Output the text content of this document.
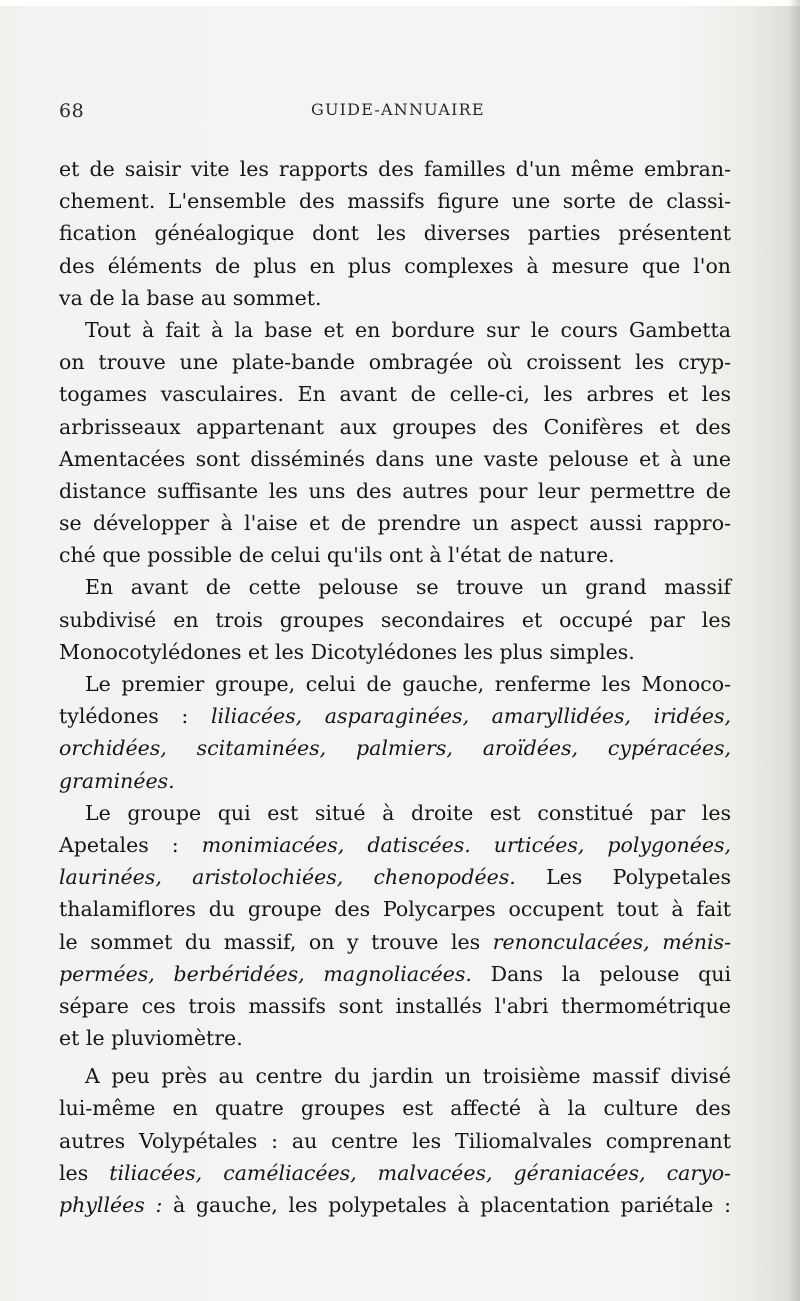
68	GUIDE-ANNUAIRE
et de saisir vite les rapports des familles d'un même embran-
chement. L'ensemble des massifs figure une sorte de classi-
fication généalogique dont les diverses parties présentent
des éléments de plus en plus complexes à mesure que l'on
va de la base au sommet.
Tout à fait à la base et en bordure sur le cours Gambetta
on trouve une plate-bande ombragée où croissent les cryp-
togames vasculaires. En avant de celle-ci, les arbres et les
arbrisseaux appartenant aux groupes des Conifères et des
Amentacées sont disséminés dans une vaste pelouse et à une
distance suffisante les uns des autres pour leur permettre de
se développer à l'aise et de prendre un aspect aussi rappro-
ché que possible de celui qu'ils ont à l'état de nature.
En avant de cette pelouse se trouve un grand massif
subdivisé en trois groupes secondaires et occupé par les
Monocotylédones et les Dicotylédones les plus simples.
Le premier groupe, celui de gauche, renferme les Monoco-
tylédones : liliacées, asparaginées, amaryllidées, iridées,
orchidées, scitaminées, palmiers, aroïdées, cypéracées,
graminées.
Le groupe qui est situé à droite est constitué par les
Apetales : monimiacées, datiscées. urticées, polygonées,
laurinées, aristolochiées, chenopodées. Les Polypetales
thalamiflores du groupe des Polycarpes occupent tout à fait
le sommet du massif, on y trouve les renonculacées, ménis-
permées, berbéridées, magnoliacées. Dans la pelouse qui
sépare ces trois massifs sont installés l'abri thermométrique
et le pluviomètre.
A peu près au centre du jardin un troisième massif divisé
lui-même en quatre groupes est affecté à la culture des
autres Volypétales : au centre les Tiliomalvales comprenant
les tiliacées, caméliacées, malvacées, géraniacées, caryo-
phyllées : à gauche, les polypetales à placentation pariétale :
